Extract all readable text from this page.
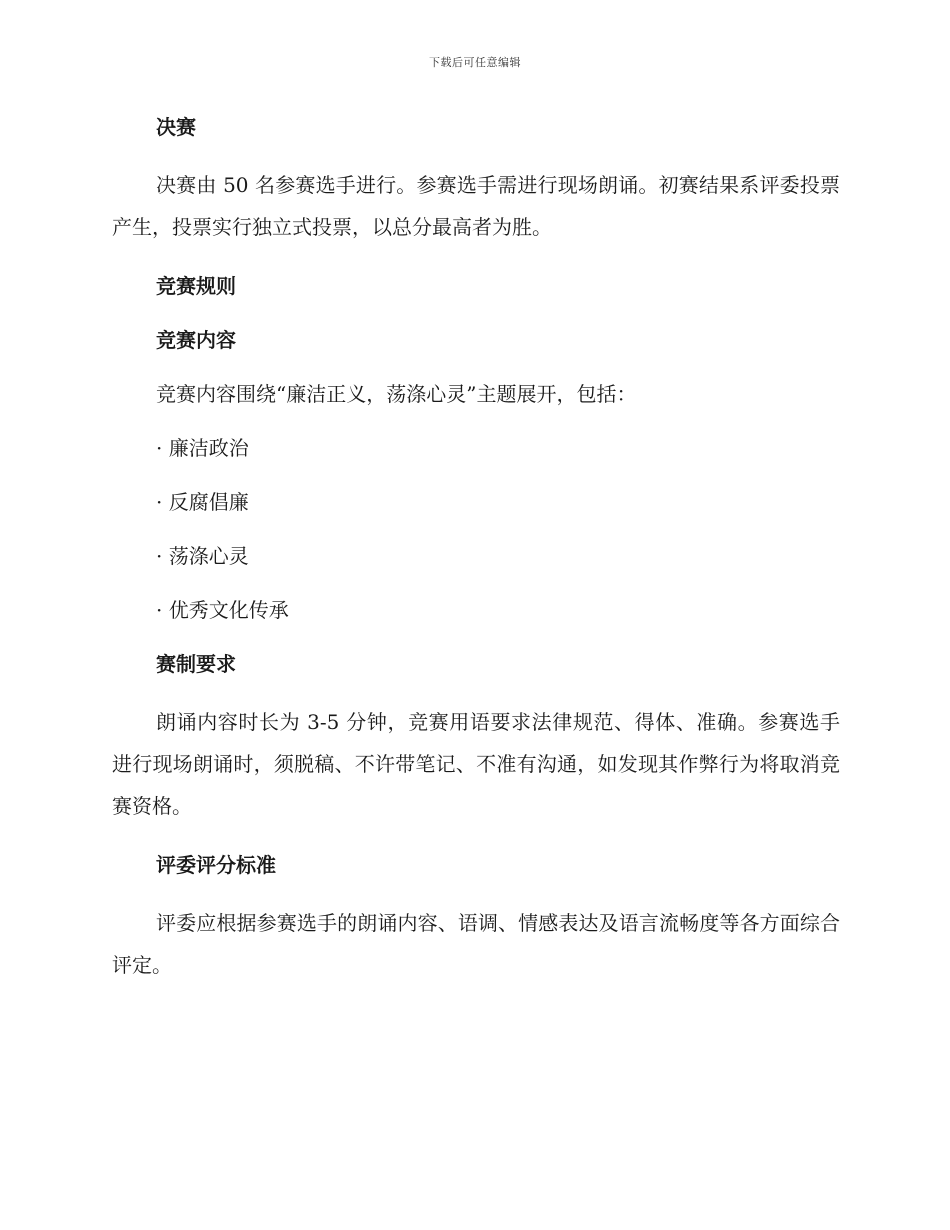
下载后可任意编辑
决赛

决赛由 50 名参赛选手进行。参赛选手需进行现场朗诵。初赛结果系评委投票产生，投票实行独立式投票，以总分最高者为胜。

竞赛规则
竞赛内容

竞赛内容围绕“廉洁正义，荡涤心灵”主题展开，包括：

· 廉洁政治

· 反腐倡廉

· 荡涤心灵

· 优秀文化传承

赛制要求

朗诵内容时长为 3-5 分钟，竞赛用语要求法律规范、得体、准确。参赛选手进行现场朗诵时，须脱稿、不许带笔记、不准有沟通，如发现其作弊行为将取消竞赛资格。

评委评分标准

评委应根据参赛选手的朗诵内容、语调、情感表达及语言流畅度等各方面综合评定。
